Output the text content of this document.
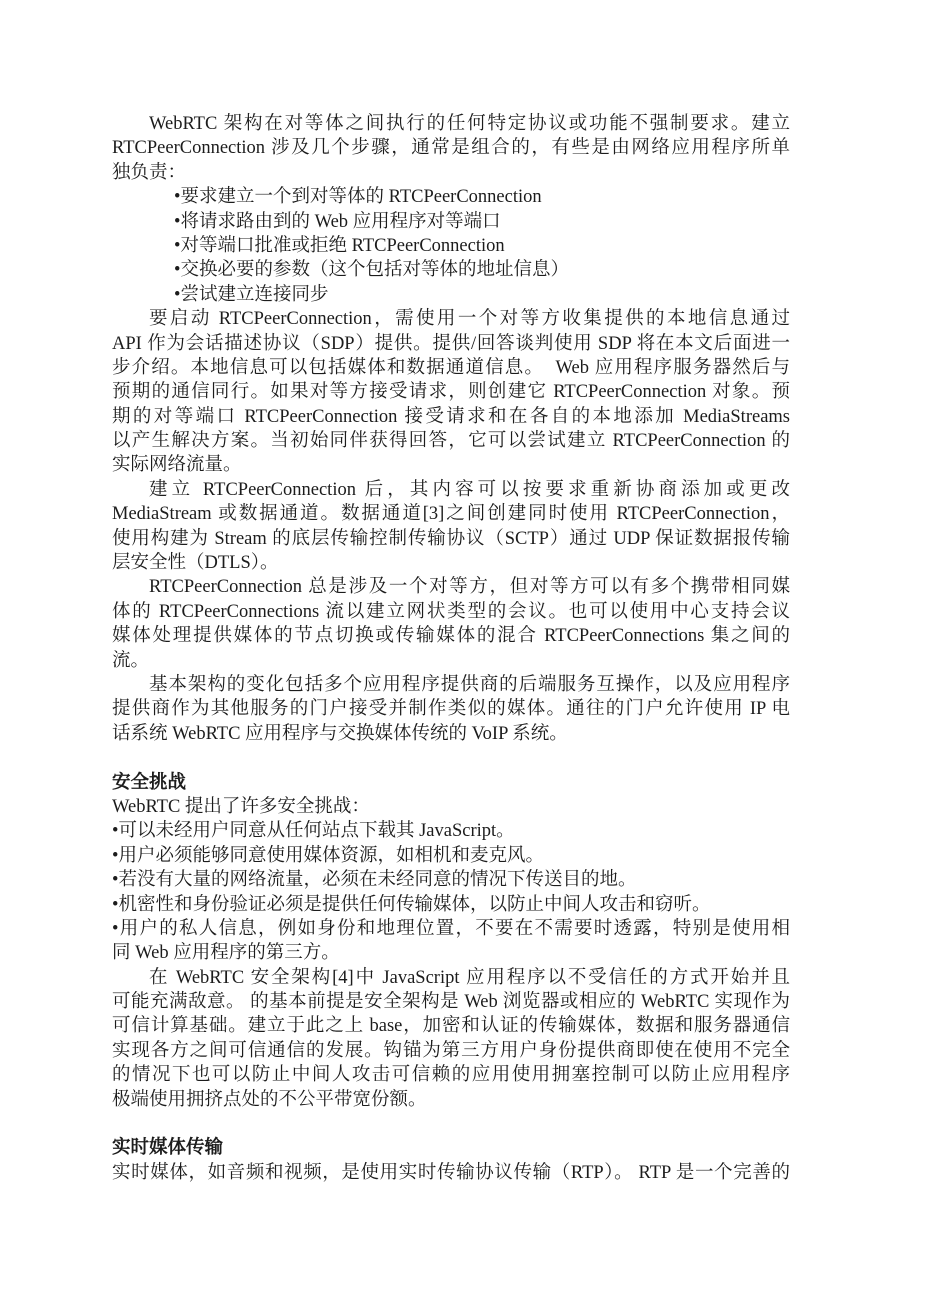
WebRTC 架构在对等体之间执行的任何特定协议或功能不强制要求。建立
RTCPeerConnection 涉及几个步骤，通常是组合的，有些是由网络应用程序所单
独负责：
•要求建立一个到对等体的 RTCPeerConnection
•将请求路由到的 Web 应用程序对等端口
•对等端口批准或拒绝 RTCPeerConnection
•交换必要的参数（这个包括对等体的地址信息）
•尝试建立连接同步
要启动 RTCPeerConnection，需使用一个对等方收集提供的本地信息通过
API 作为会话描述协议（SDP）提供。提供/回答谈判使用 SDP 将在本文后面进一
步介绍。本地信息可以包括媒体和数据通道信息。  Web 应用程序服务器然后与
预期的通信同行。如果对等方接受请求，则创建它 RTCPeerConnection 对象。预
期的对等端口 RTCPeerConnection 接受请求和在各自的本地添加 MediaStreams
以产生解决方案。当初始同伴获得回答，它可以尝试建立 RTCPeerConnection 的
实际网络流量。
建立 RTCPeerConnection 后，其内容可以按要求重新协商添加或更改
MediaStream 或数据通道。数据通道[3]之间创建同时使用 RTCPeerConnection，
使用构建为 Stream 的底层传输控制传输协议（SCTP）通过 UDP 保证数据报传输
层安全性（DTLS）。
RTCPeerConnection 总是涉及一个对等方，但对等方可以有多个携带相同媒
体的 RTCPeerConnections 流以建立网状类型的会议。也可以使用中心支持会议
媒体处理提供媒体的节点切换或传输媒体的混合 RTCPeerConnections 集之间的
流。
基本架构的变化包括多个应用程序提供商的后端服务互操作，以及应用程序
提供商作为其他服务的门户接受并制作类似的媒体。通往的门户允许使用 IP 电
话系统 WebRTC 应用程序与交换媒体传统的 VoIP 系统。
安全挑战
WebRTC 提出了许多安全挑战：
•可以未经用户同意从任何站点下载其 JavaScript。
•用户必须能够同意使用媒体资源，如相机和麦克风。
•若没有大量的网络流量，必须在未经同意的情况下传送目的地。
•机密性和身份验证必须是提供任何传输媒体，以防止中间人攻击和窃听。
•用户的私人信息，例如身份和地理位置，不要在不需要时透露，特别是使用相
同 Web 应用程序的第三方。
在 WebRTC 安全架构[4]中 JavaScript 应用程序以不受信任的方式开始并且
可能充满敌意。 的基本前提是安全架构是 Web 浏览器或相应的 WebRTC 实现作为
可信计算基础。建立于此之上 base，加密和认证的传输媒体，数据和服务器通信
实现各方之间可信通信的发展。钩锚为第三方用户身份提供商即使在使用不完全
的情况下也可以防止中间人攻击可信赖的应用使用拥塞控制可以防止应用程序
极端使用拥挤点处的不公平带宽份额。
实时媒体传输
实时媒体，如音频和视频，是使用实时传输协议传输（RTP）。 RTP 是一个完善的
